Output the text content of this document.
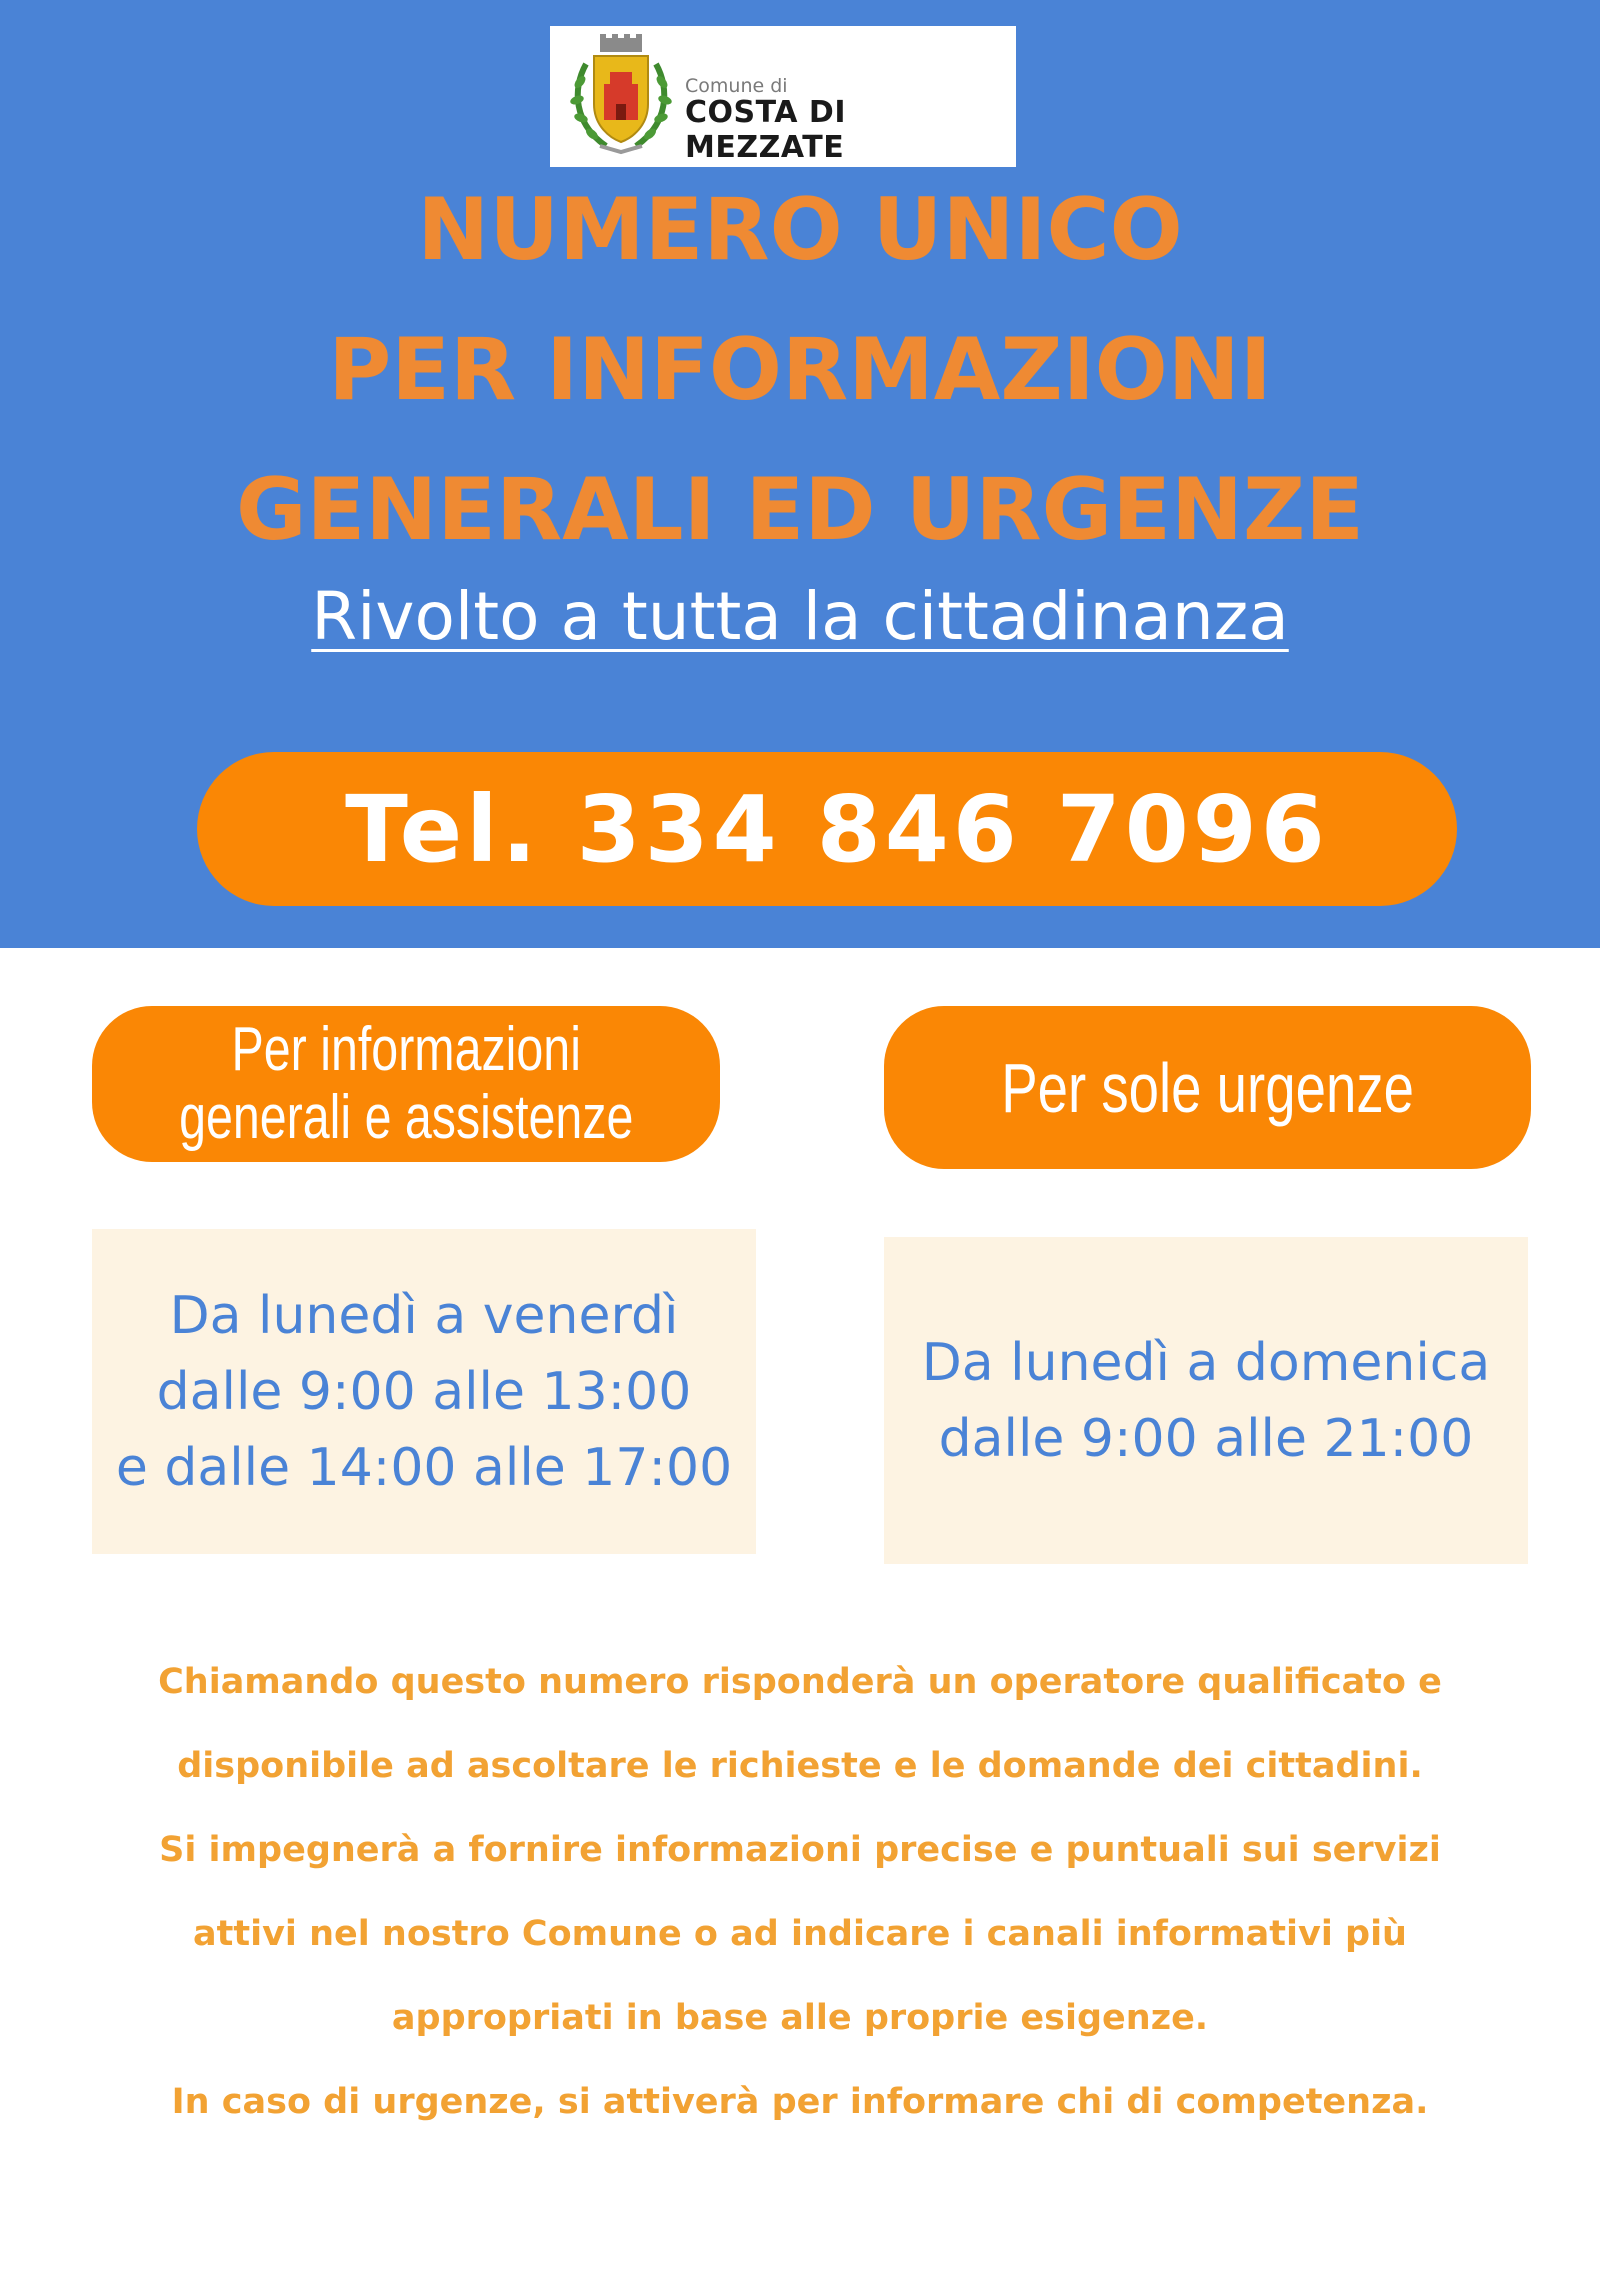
Comune di
COSTA DI MEZZATE
NUMERO UNICO
PER INFORMAZIONI
GENERALI ED URGENZE
Rivolto a tutta la cittadinanza
Tel. 334 846 7096
Per informazioni
generali e assistenze	Per sole urgenze
Da lunedì a venerdì
dalle 9:00 alle 13:00
e dalle 14:00 alle 17:00
Da lunedì a domenica
dalle 9:00 alle 21:00
Chiamando questo numero risponderà un operatore qualificato e
disponibile ad ascoltare le richieste e le domande dei cittadini.
Si impegnerà a fornire informazioni precise e puntuali sui servizi
attivi nel nostro Comune o ad indicare i canali informativi più
appropriati in base alle proprie esigenze.
In caso di urgenze, si attiverà per informare chi di competenza.
